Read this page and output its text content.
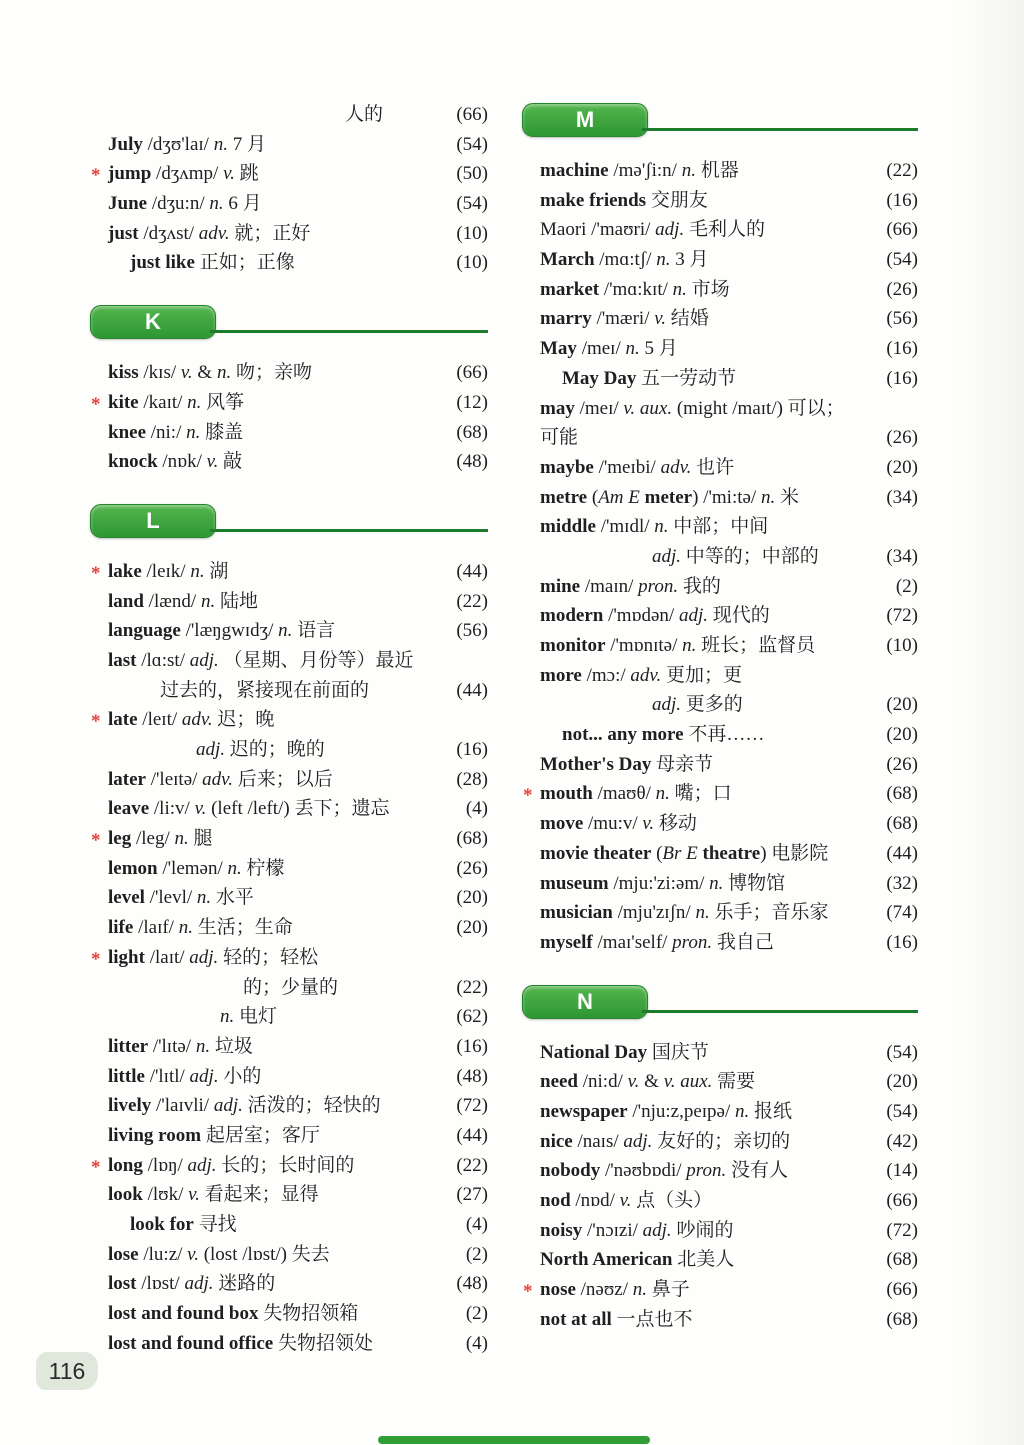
人的	(66)
July /dʒʊ'laɪ/ n. 7 月	(54)
* jump /dʒʌmp/ v. 跳	(50)
June /dʒu:n/ n. 6 月	(54)
just /dʒʌst/ adv. 就；正好	(10)
just like 正如；正像	(10)
K
kiss /kɪs/ v. & n. 吻；亲吻	(66)
* kite /kaɪt/ n. 风筝	(12)
knee /ni:/ n. 膝盖	(68)
knock /nɒk/ v. 敲	(48)
L
* lake /leɪk/ n. 湖	(44)
land /lænd/ n. 陆地	(22)
language /'læŋgwɪdʒ/ n. 语言	(56)
last /lɑ:st/ adj. （星期、月份等）最近
过去的，紧接现在前面的	(44)
* late /leɪt/ adv. 迟；晚
adj. 迟的；晚的	(16)
later /'leɪtə/ adv. 后来；以后	(28)
leave /li:v/ v. (left /left/) 丢下；遗忘	(4)
* leg /leg/ n. 腿	(68)
lemon /'lemən/ n. 柠檬	(26)
level /'levl/ n. 水平	(20)
life /laɪf/ n. 生活；生命	(20)
* light /laɪt/ adj. 轻的；轻松
的；少量的	(22)
n. 电灯	(62)
litter /'lɪtə/ n. 垃圾	(16)
little /'lɪtl/ adj. 小的	(48)
lively /'laɪvli/ adj. 活泼的；轻快的	(72)
living room 起居室；客厅	(44)
* long /lɒŋ/ adj. 长的；长时间的	(22)
look /lʊk/ v. 看起来；显得	(27)
look for 寻找	(4)
lose /lu:z/ v. (lost /lɒst/) 失去	(2)
lost /lɒst/ adj. 迷路的	(48)
lost and found box 失物招领箱	(2)
lost and found office 失物招领处	(4)
M
machine /mə'ʃi:n/ n. 机器	(22)
make friends 交朋友	(16)
Maori /'maʊri/ adj. 毛利人的	(66)
March /mɑ:tʃ/ n. 3 月	(54)
market /'mɑ:kɪt/ n. 市场	(26)
marry /'mæri/ v. 结婚	(56)
May /meɪ/ n. 5 月	(16)
May Day 五一劳动节	(16)
may /meɪ/ v. aux. (might /maɪt/) 可以；
可能	(26)
maybe /'meɪbi/ adv. 也许	(20)
metre (Am E meter) /'mi:tə/ n. 米	(34)
middle /'mɪdl/ n. 中部；中间
adj. 中等的；中部的	(34)
mine /maɪn/ pron. 我的	(2)
modern /'mɒdən/ adj. 现代的	(72)
monitor /'mɒnɪtə/ n. 班长；监督员	(10)
more /mɔ:/ adv. 更加；更
adj. 更多的	(20)
not... any more 不再……	(20)
Mother's Day 母亲节	(26)
* mouth /maʊθ/ n. 嘴；口	(68)
move /mu:v/ v. 移动	(68)
movie theater (Br E theatre) 电影院	(44)
museum /mju:'zi:əm/ n. 博物馆	(32)
musician /mju'zɪʃn/ n. 乐手；音乐家	(74)
myself /maɪ'self/ pron. 我自己	(16)
N
National Day 国庆节	(54)
need /ni:d/ v. & v. aux. 需要	(20)
newspaper /'nju:z,peɪpə/ n. 报纸	(54)
nice /naɪs/ adj. 友好的；亲切的	(42)
nobody /'nəʊbɒdi/ pron. 没有人	(14)
nod /nɒd/ v. 点（头）	(66)
noisy /'nɔɪzi/ adj. 吵闹的	(72)
North American 北美人	(68)
* nose /nəʊz/ n. 鼻子	(66)
not at all 一点也不	(68)
116
